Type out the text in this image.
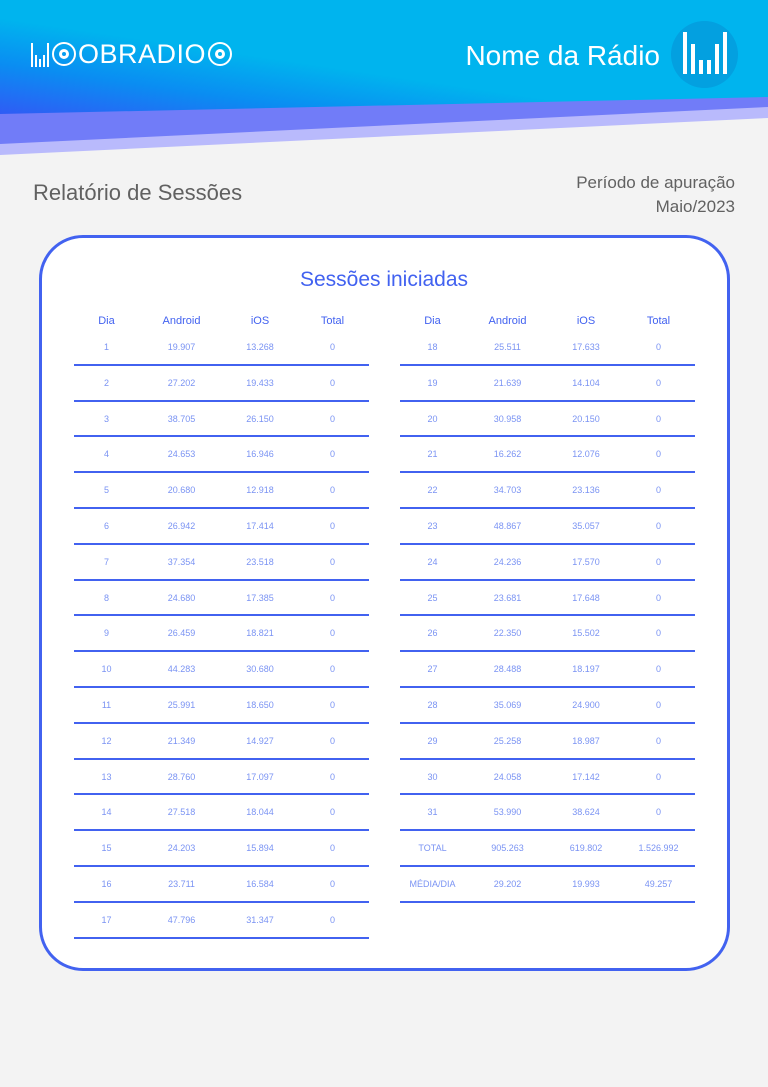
OBRADIO	Nome da Rádio
Relatório de Sessões	Período de apuração
Maio/2023
Sessões iniciadas
Dia	Android	iOS	Total
1	19.907	13.268	0
2	27.202	19.433	0
3	38.705	26.150	0
4	24.653	16.946	0
5	20.680	12.918	0
6	26.942	17.414	0
7	37.354	23.518	0
8	24.680	17.385	0
9	26.459	18.821	0
10	44.283	30.680	0
11	25.991	18.650	0
12	21.349	14.927	0
13	28.760	17.097	0
14	27.518	18.044	0
15	24.203	15.894	0
16	23.711	16.584	0
17	47.796	31.347	0
Dia	Android	iOS	Total
18	25.511	17.633	0
19	21.639	14.104	0
20	30.958	20.150	0
21	16.262	12.076	0
22	34.703	23.136	0
23	48.867	35.057	0
24	24.236	17.570	0
25	23.681	17.648	0
26	22.350	15.502	0
27	28.488	18.197	0
28	35.069	24.900	0
29	25.258	18.987	0
30	24.058	17.142	0
31	53.990	38.624	0
TOTAL	905.263	619.802	1.526.992
MÉDIA/DIA	29.202	19.993	49.257
